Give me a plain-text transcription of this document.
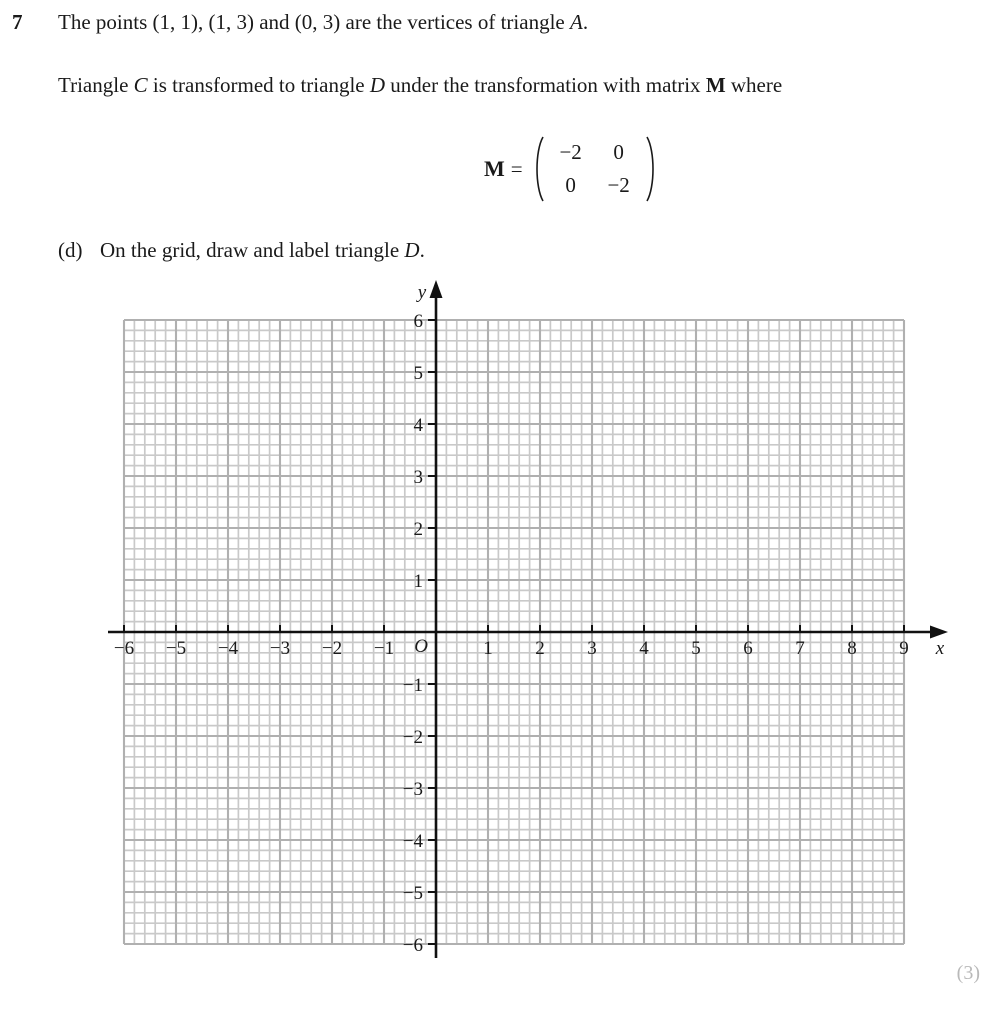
7 The points (1, 1), (1, 3) and (0, 3) are the vertices of triangle A.
Triangle C is transformed to triangle D under the transformation with matrix M where
M =
−2	0
0	−2
(d) On the grid, draw and label triangle D.
−6 −5 −4 −3 −2 −1	1 2 3 4 5 6 7 8 9
−6
−5
−4
−3
−2
−1
1
2
3
4
5
6
O	x
y
(3)
